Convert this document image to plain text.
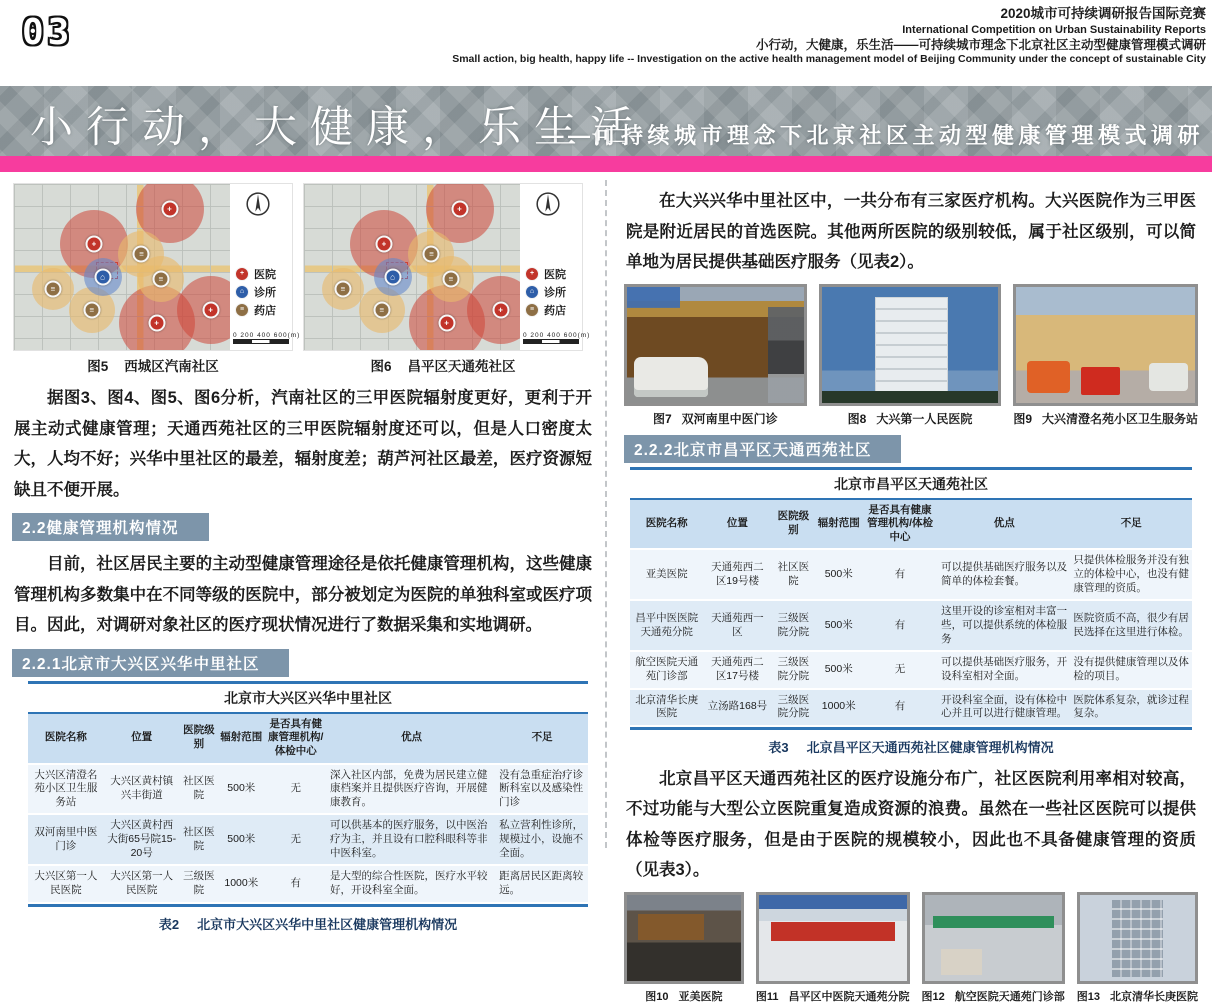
03	2020城市可持续调研报告国际竞赛
International Competition on Urban Sustainability Reports
小行动，大健康，乐生活——可持续城市理念下北京社区主动型健康管理模式调研
Small action, big health, happy life -- Investigation on the active health management model of Beijing Community under the concept of sustainable City
小行动，大健康，乐生活
——可持续城市理念下北京社区主动型健康管理模式调研
+
+
+
+
≡
≡
≡
≡
⌂	+ 医院
⌂ 诊所
≡ 药店
0 200 400 600(m)
图5 西城区汽南社区
+
+
+
+
≡
≡
≡
≡
⌂	+ 医院
⌂ 诊所
≡ 药店
0 200 400 600(m)
图6 昌平区天通苑社区
据图3、图4、图5、图6分析，汽南社区的三甲医院辐射度更好，更利于开展主动式健康管理；天通西苑社区的三甲医院辐射度还可以，但是人口密度太大，人均不好；兴华中里社区的最差，辐射度差；葫芦河社区最差，医疗资源短缺且不便开展。
2.2健康管理机构情况
目前，社区居民主要的主动型健康管理途径是依托健康管理机构，这些健康管理机构多数集中在不同等级的医院中，部分被划定为医院的单独科室或医疗项目。因此，对调研对象社区的医疗现状情况进行了数据采集和实地调研。
2.2.1北京市大兴区兴华中里社区
北京市大兴区兴华中里社区
医院名称	位置	医院级别	辐射范围	是否具有健康管理机构/体检中心	优点	不足
大兴区清澄名苑小区卫生服务站	大兴区黄村镇兴丰街道	社区医院	500米	无	深入社区内部，免费为居民建立健康档案并且提供医疗咨询，开展健康教育。	没有急重症治疗诊断科室以及感染性门诊
双河南里中医门诊	大兴区黄村西大街65号院15-20号	社区医院	500米	无	可以供基本的医疗服务，以中医治疗为主，并且设有口腔科眼科等非中医科室。	私立营利性诊所，规模过小，设施不全面。
大兴区第一人民医院	大兴区第一人民医院	三级医院	1000米	有	是大型的综合性医院，医疗水平较好，开设科室全面。	距离居民区距离较远。
表2 北京市大兴区兴华中里社区健康管理机构情况
在大兴兴华中里社区中，一共分布有三家医疗机构。大兴医院作为三甲医院是附近居民的首选医院。其他两所医院的级别较低，属于社区级别，可以简单地为居民提供基础医疗服务（见表2）。
图7 双河南里中医门诊	图8 大兴第一人民医院	图9 大兴清澄名苑小区卫生服务站
2.2.2北京市昌平区天通西苑社区
北京市昌平区天通苑社区
医院名称	位置	医院级别	辐射范围	是否具有健康管理机构/体检中心	优点	不足
亚美医院	天通苑西二区19号楼	社区医院	500米	有	可以提供基础医疗服务以及简单的体检套餐。	只提供体检服务并没有独立的体检中心，也没有健康管理的资质。
昌平中医医院天通苑分院	天通苑西一区	三级医院分院	500米	有	这里开设的诊室相对丰富一些，可以提供系统的体检服务	医院资质不高，很少有居民选择在这里进行体检。
航空医院天通苑门诊部	天通苑西二区17号楼	三级医院分院	500米	无	可以提供基础医疗服务，开设科室相对全面。	没有提供健康管理以及体检的项目。
北京清华长庚医院	立汤路168号	三级医院分院	1000米	有	开设科室全面，设有体检中心并且可以进行健康管理。	医院体系复杂，就诊过程复杂。
表3 北京昌平区天通西苑社区健康管理机构情况
北京昌平区天通西苑社区的医疗设施分布广，社区医院利用率相对较高，不过功能与大型公立医院重复造成资源的浪费。虽然在一些社区医院可以提供体检等医疗服务，但是由于医院的规模较小，因此也不具备健康管理的资质（见表3）。
图10 亚美医院	图11 昌平区中医院天通苑分院 图12 航空医院天通苑门诊部 图13 北京清华长庚医院
